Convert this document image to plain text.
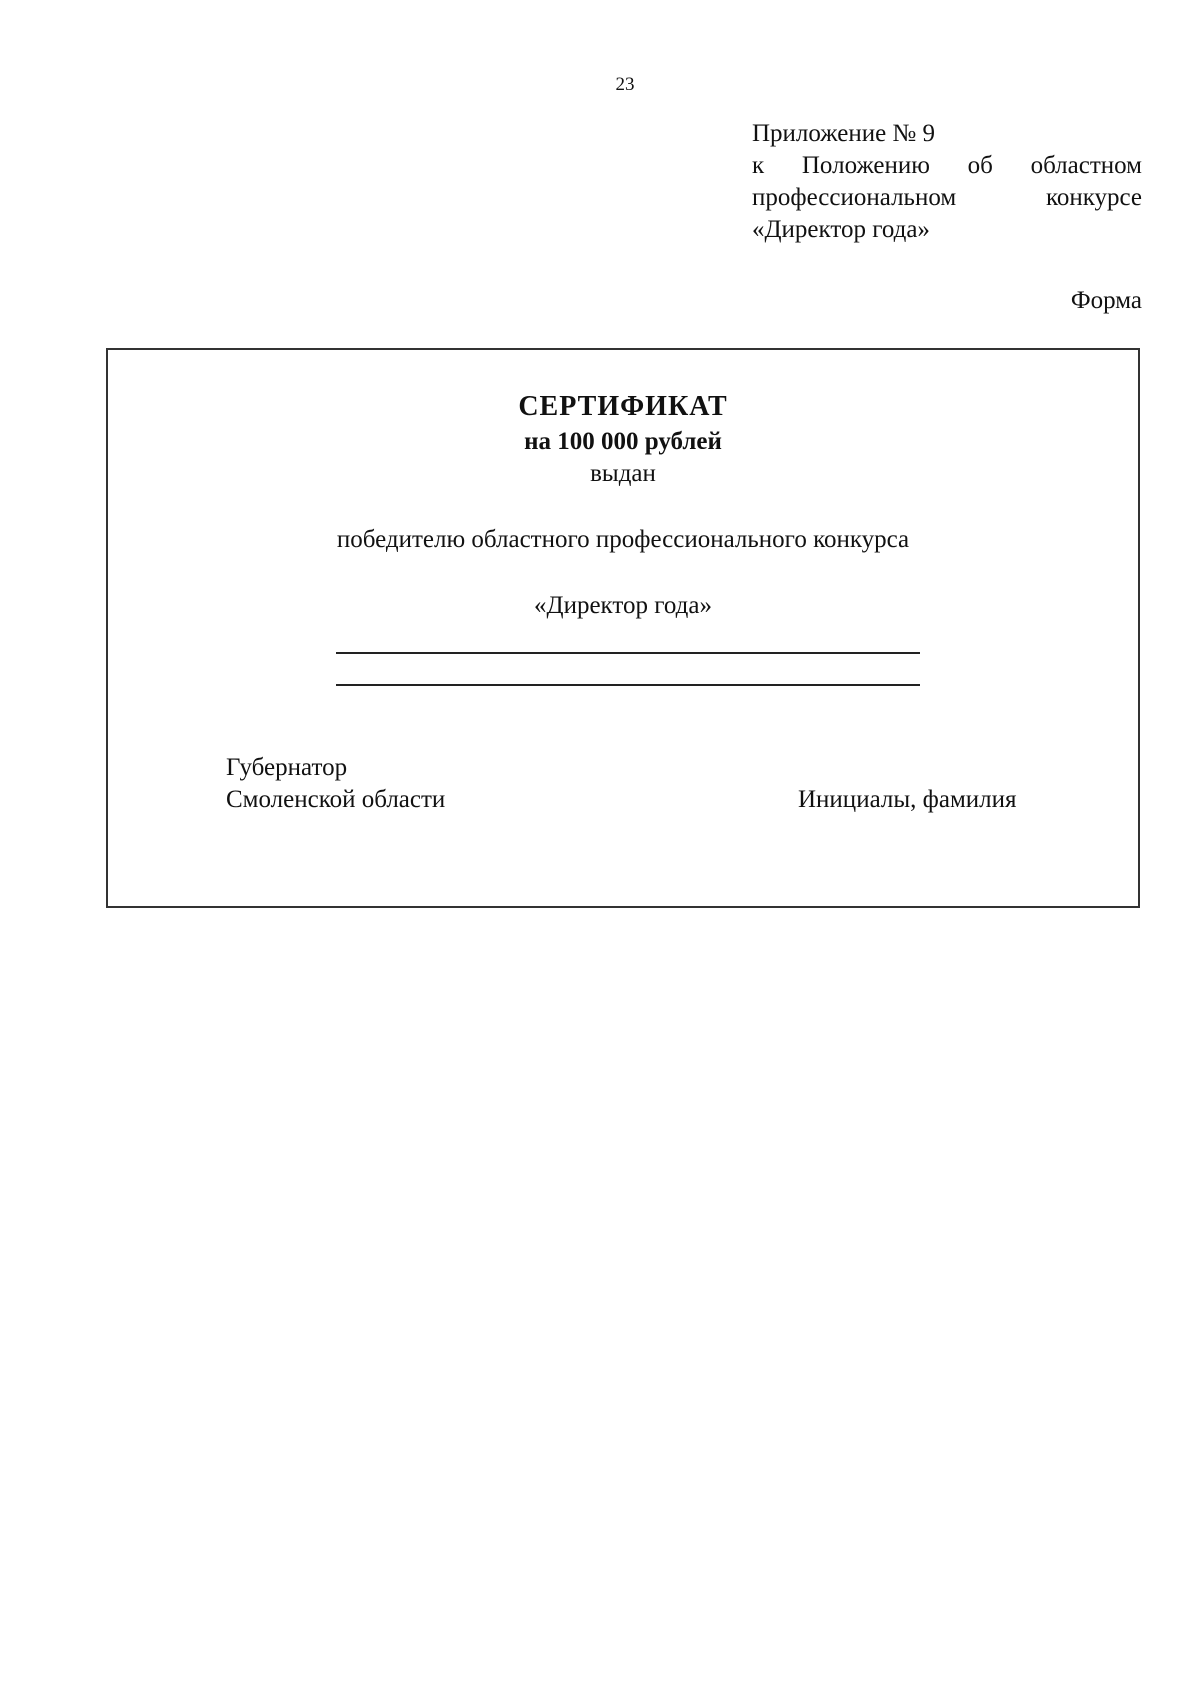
23
Приложение № 9
к Положению об областном
профессиональном конкурсе
«Директор года»
Форма
СЕРТИФИКАТ
на 100 000 рублей
выдан
победителю областного профессионального конкурса
«Директор года»
Губернатор
Смоленской области	Инициалы, фамилия
